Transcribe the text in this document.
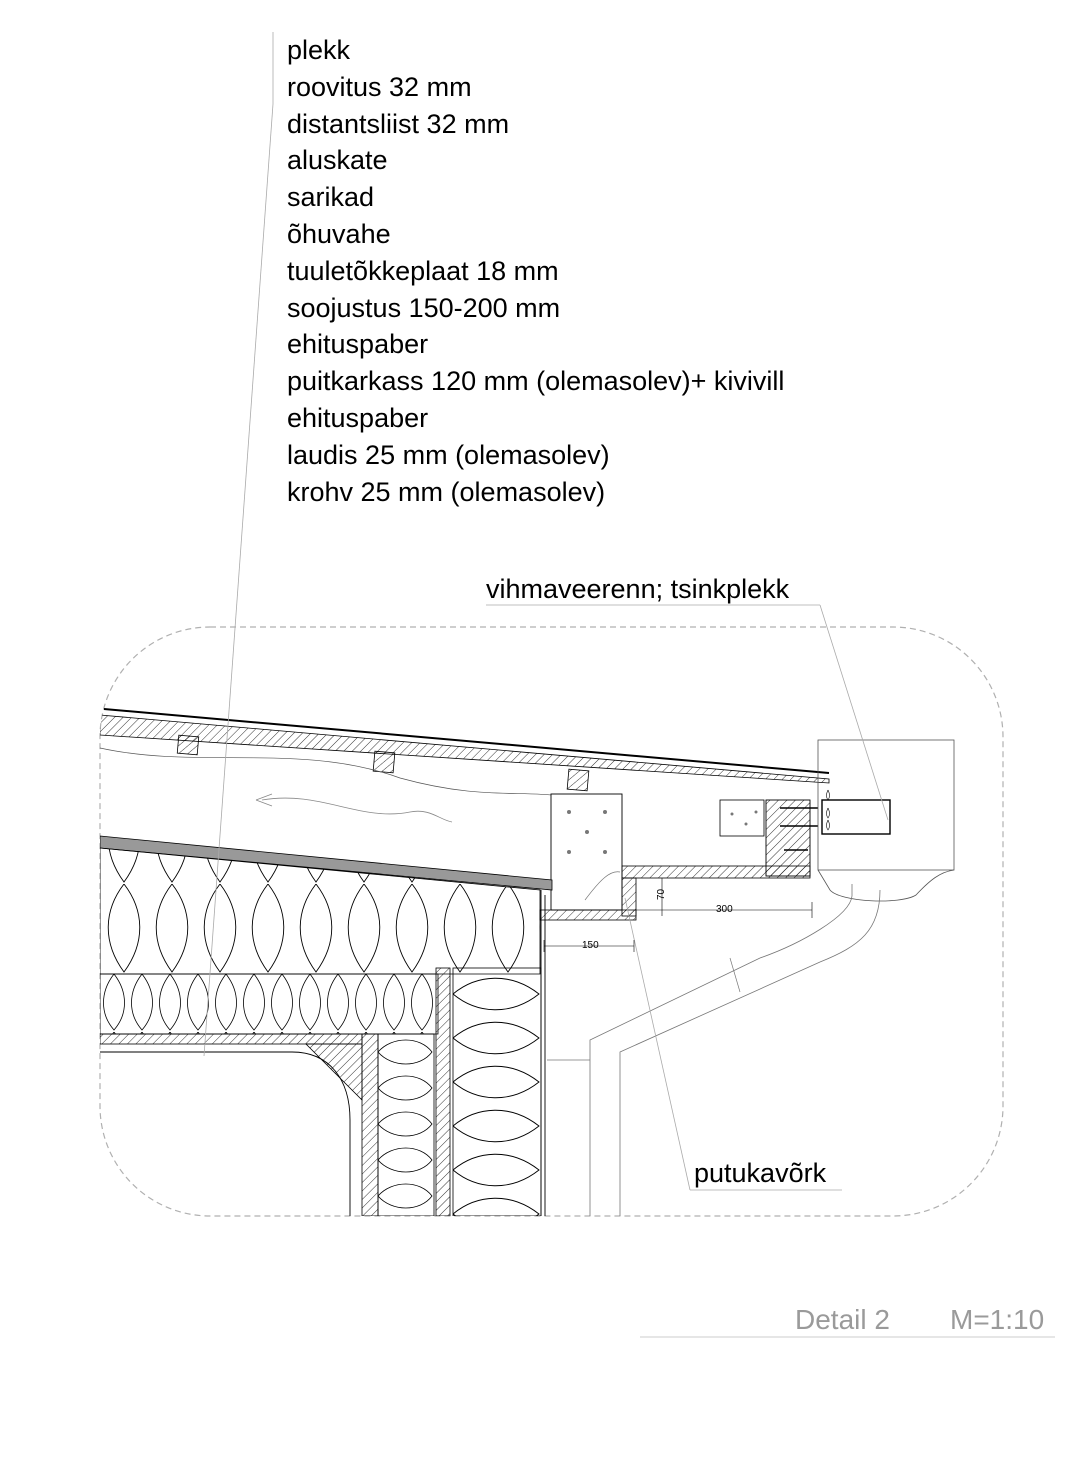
70
300
150
plekk
roovitus 32 mm
distantsliist 32 mm
aluskate
sarikad
õhuvahe
tuuletõkkeplaat 18 mm
soojustus 150-200 mm
ehituspaber
puitkarkass 120 mm (olemasolev)+ kivivill
ehituspaber
laudis 25 mm (olemasolev)
krohv 25 mm (olemasolev)
vihmaveerenn; tsinkplekk
putukavõrk
Detail 2 M=1:10
